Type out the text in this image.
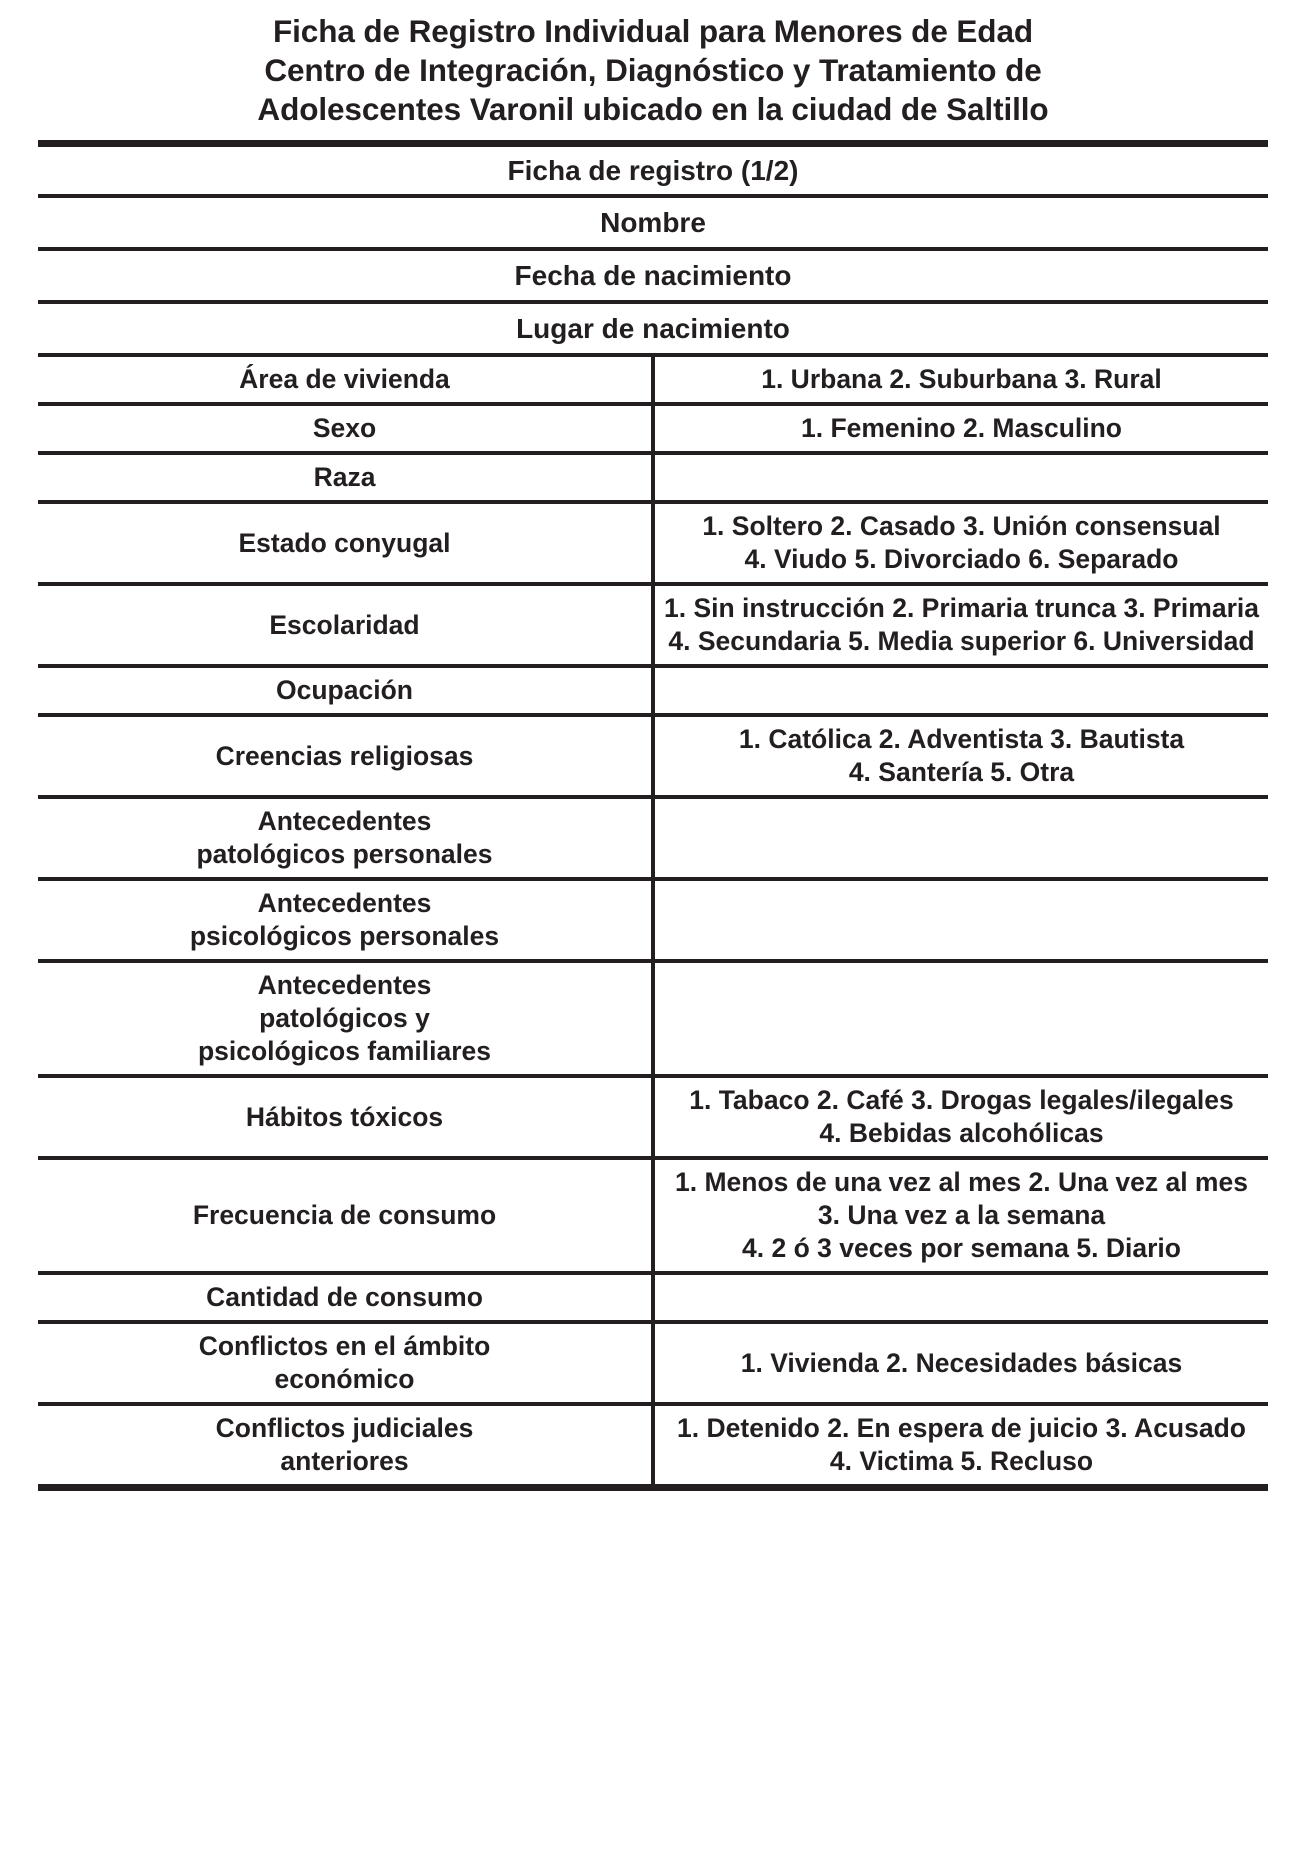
Ficha de Registro Individual para Menores de Edad
Centro de Integración, Diagnóstico y Tratamiento de
Adolescentes Varonil ubicado en la ciudad de Saltillo
Ficha de registro (1/2)	
Nombre	
Fecha de nacimiento	
Lugar de nacimiento	
Área de vivienda	1. Urbana 2. Suburbana 3. Rural

Sexo	1. Femenino 2. Masculino

Raza	

Estado conyugal	1. Soltero 2. Casado 3. Unión consensual
4. Viudo 5. Divorciado 6. Separado

Escolaridad	1. Sin instrucción 2. Primaria trunca 3. Primaria
4. Secundaria 5. Media superior 6. Universidad

Ocupación	

Creencias religiosas	1. Católica 2. Adventista 3. Bautista
4. Santería 5. Otra

Antecedentes
patológicos personales	

Antecedentes
psicológicos personales	

Antecedentes
patológicos y
psicológicos familiares	

Hábitos tóxicos	1. Tabaco 2. Café 3. Drogas legales/ilegales
4. Bebidas alcohólicas

Frecuencia de consumo	1. Menos de una vez al mes 2. Una vez al mes
3. Una vez a la semana
4. 2 ó 3 veces por semana 5. Diario

Cantidad de consumo	

Conflictos en el ámbito
económico	1. Vivienda 2. Necesidades básicas

Conflictos judiciales
anteriores	1. Detenido 2. En espera de juicio 3. Acusado
4. Victima 5. Recluso
